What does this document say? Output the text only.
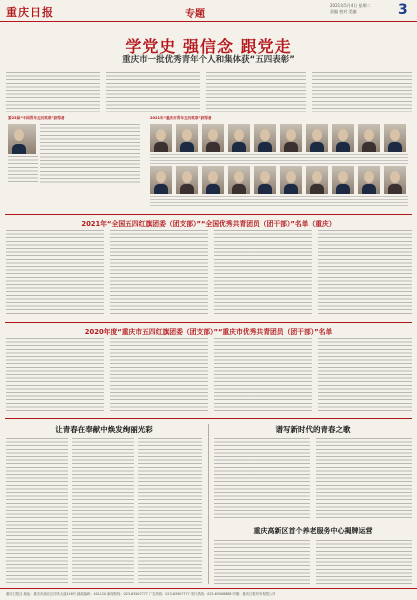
重庆日报	专题
2021年5月4日 星期二
责编 校对 美编	3
学党史 强信念 跟党走
重庆市一批优秀青年个人和集体获“五四表彰”
第25届“中国青年五四奖章”获得者	2021年“重庆市青年五四奖章”获得者
2021年“全国五四红旗团委（团支部）”“全国优秀共青团员（团干部）”名单（重庆）
2020年度“重庆市五四红旗团委（团支部）”“重庆市优秀共青团员（团干部）”名单
让青春在奉献中焕发绚丽光彩	谱写新时代的青春之歌
重庆高新区首个养老服务中心揭牌运营
重庆日报社 地址：重庆市渝北区同茂大道416号 邮政编码：401120 新闻热线：023-63907777 广告热线：023-63907777 发行热线：023-63908888 印刷：重庆日报印务有限公司
